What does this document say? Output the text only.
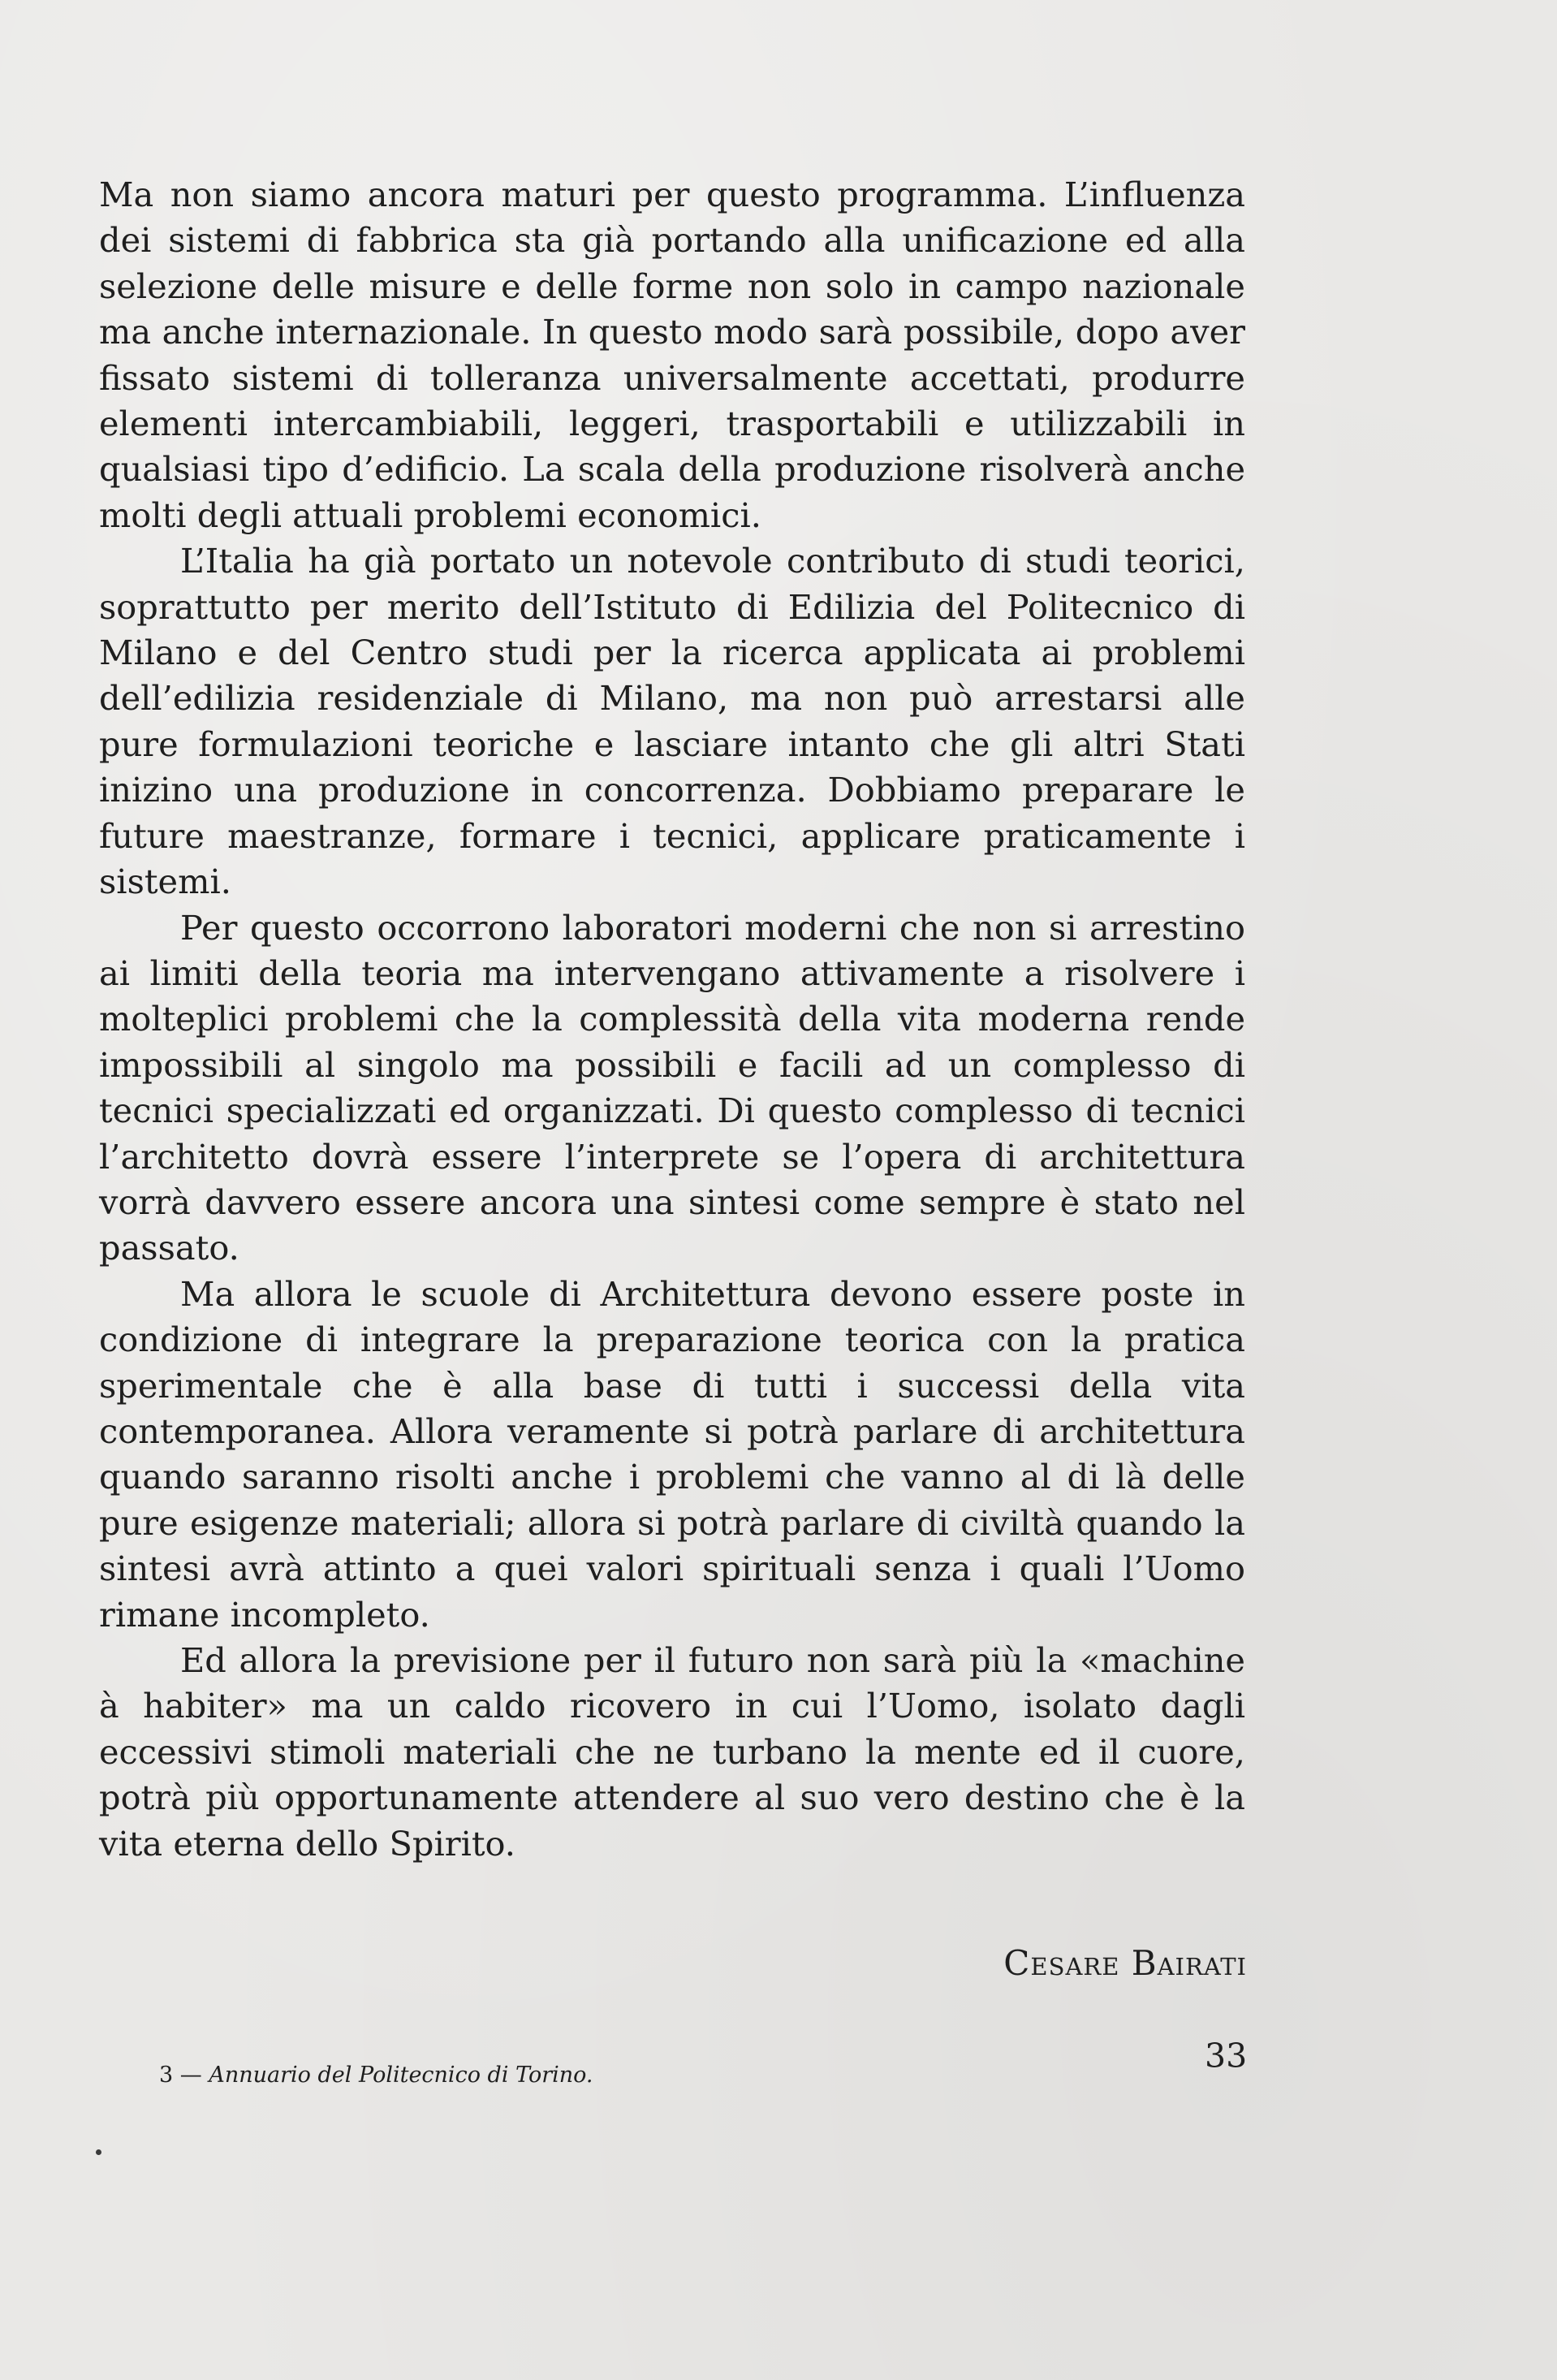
Ma non siamo ancora maturi per questo programma. L’influenza dei sistemi di fabbrica sta già portando alla unificazione ed alla selezione delle misure e delle forme non solo in campo nazionale ma anche internazionale. In questo modo sarà possibile, dopo aver fissato sistemi di tolleranza universalmente accettati, produrre elementi intercambiabili, leggeri, trasportabili e utilizzabili in qualsiasi tipo d’edificio. La scala della produzione risolverà anche molti degli attuali problemi economici.

L’Italia ha già portato un notevole contributo di studi teorici, soprattutto per merito dell’Istituto di Edilizia del Politecnico di Milano e del Centro studi per la ricerca applicata ai problemi dell’edilizia residenziale di Milano, ma non può arrestarsi alle pure formulazioni teoriche e lasciare intanto che gli altri Stati inizino una produzione in concorrenza. Dobbiamo preparare le future maestranze, formare i tecnici, applicare praticamente i sistemi.

Per questo occorrono laboratori moderni che non si arrestino ai limiti della teoria ma intervengano attivamente a risolvere i molteplici problemi che la complessità della vita moderna rende impossibili al singolo ma possibili e facili ad un complesso di tecnici specializzati ed organizzati. Di questo complesso di tecnici l’architetto dovrà essere l’interprete se l’opera di architettura vorrà davvero essere ancora una sintesi come sempre è stato nel passato.

Ma allora le scuole di Architettura devono essere poste in condizione di integrare la preparazione teorica con la pratica sperimentale che è alla base di tutti i successi della vita contemporanea. Allora veramente si potrà parlare di architettura quando saranno risolti anche i problemi che vanno al di là delle pure esigenze materiali; allora si potrà parlare di civiltà quando la sintesi avrà attinto a quei valori spirituali senza i quali l’Uomo rimane incompleto.

Ed allora la previsione per il futuro non sarà più la «machine à habiter» ma un caldo ricovero in cui l’Uomo, isolato dagli eccessivi stimoli materiali che ne turbano la mente ed il cuore, potrà più opportunamente attendere al suo vero destino che è la vita eterna dello Spirito.

Cesare Bairati

33

3 — Annuario del Politecnico di Torino.
